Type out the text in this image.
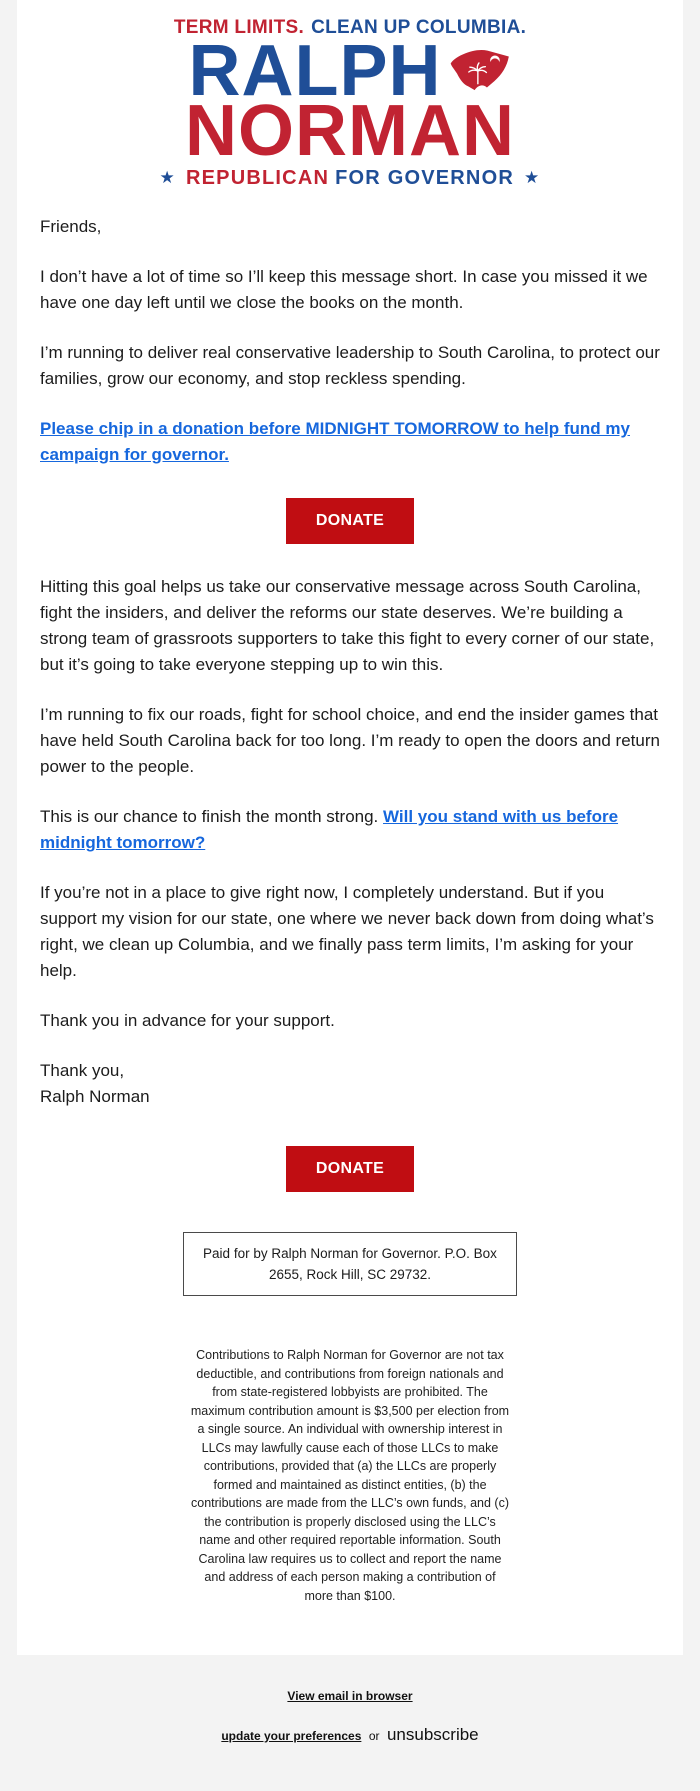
TERM LIMITS. CLEAN UP COLUMBIA.
RALPH
NORMAN
★ REPUBLICAN FOR GOVERNOR ★

Friends,

I don’t have a lot of time so I’ll keep this message short. In case you missed it we have one day left until we close the books on the month.

I’m running to deliver real conservative leadership to South Carolina, to protect our families, grow our economy, and stop reckless spending.

Please chip in a donation before MIDNIGHT TOMORROW to help fund my campaign for governor.

DONATE

Hitting this goal helps us take our conservative message across South Carolina, fight the insiders, and deliver the reforms our state deserves. We’re building a strong team of grassroots supporters to take this fight to every corner of our state, but it’s going to take everyone stepping up to win this.

I’m running to fix our roads, fight for school choice, and end the insider games that have held South Carolina back for too long. I’m ready to open the doors and return power to the people.

This is our chance to finish the month strong. Will you stand with us before midnight tomorrow?

If you’re not in a place to give right now, I completely understand. But if you support my vision for our state, one where we never back down from doing what’s right, we clean up Columbia, and we finally pass term limits, I’m asking for your help.

Thank you in advance for your support.

Thank you,
Ralph Norman

DONATE
Paid for by Ralph Norman for Governor. P.O. Box 2655, Rock Hill, SC 29732.
Contributions to Ralph Norman for Governor are not tax deductible, and contributions from foreign nationals and from state-registered lobbyists are prohibited. The maximum contribution amount is $3,500 per election from a single source. An individual with ownership interest in LLCs may lawfully cause each of those LLCs to make contributions, provided that (a) the LLCs are properly formed and maintained as distinct entities, (b) the contributions are made from the LLC’s own funds, and (c) the contribution is properly disclosed using the LLC’s name and other required reportable information. South Carolina law requires us to collect and report the name and address of each person making a contribution of more than $100.
View email in browser
update your preferences or unsubscribe
